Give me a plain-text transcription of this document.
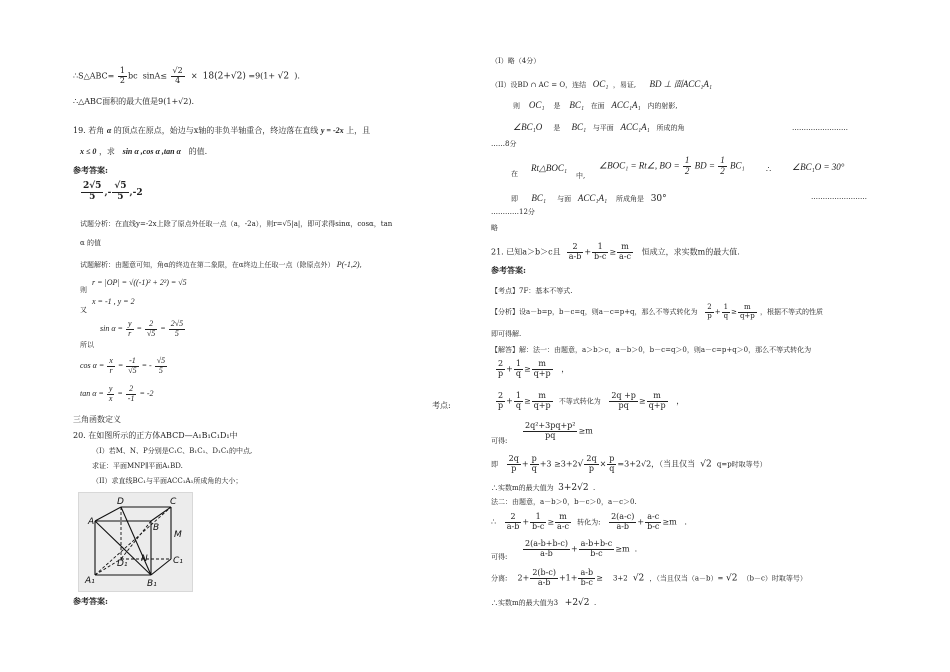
∴S△ABC= $\frac{1}{2}$ bc $\sin A\le \frac{√2}{4} \times 18(2+√2) =9(1+ √2$ ).
∴△ABC面积的最大值是9(1+√2).
19. 若角 α 的顶点在原点，始边与x轴的非负半轴重合，终边落在直线 y = -2x 上，且
x ≤ 0 ，求 sin α ,cos α ,tan α 的值.
参考答案:
$\frac{2√5}{5}$ ,- $\frac{√5}{5} ,-2$
试题分析：在直线y=-2x上除了原点外任取一点（a，-2a），则r=√5|a|，即可求得sinα，cosα，tan
α 的值
试题解析：由题意可知，角α的终边在第二象限，在α终边上任取一点（除原点外） P(-1,2),
则
r = |OP| = √((-1)² + 2²) = √5
又
x = -1 , y = 2
$\sin \alpha = \frac{y}{r} = \frac{2}{√5} = \frac{2√5}{5}$
所以
$\cos \alpha = \frac{x}{r} = \frac{-1}{√5}$ = - $\frac{√5}{5}$
$\tan \alpha = \frac{y}{x} = \frac{2}{-1} = -2$
考点:
三角函数定义
20. 在如图所示的正方体ABCD—A₁B₁C₁D₁中
（I）若M、N、P分别是C₁C、B₁C₁、D₁C₁的中点,
求证：平面MNP∥平面A₁BD.
（II）求直线BC₁与平面ACC₁A₁所成角的大小；
D	C
A
B
M
D₁ N	C₁
A₁	B₁
参考答案:
（I）略（4分）
（II）设BD ∩ AC = O，连结 OC₁ ，易证, BD ⊥ 面ACC₁A₁
则 OC₁ 是 BC₁ 在面 ACC₁A₁ 内的射影,
∠BC₁O 是 BC₁ 与平面 ACC₁A₁ 所成的角	……………………
……8分
在
Rt△BOC₁
中,
∠BOC₁ = Rt∠, BO = $\frac{1}{2}$ BD = $\frac{1}{2} BC_1$	∴ ∠BC₁O = 30°
即 BC₁ 与面 ACC₁A₁ 所成角是 30°	……………………
…………12分
略
21. 已知a＞b＞c且 $\frac{2}{a-b} + \frac{1}{b-c} \ge \frac{m}{a-c}$ 恒成立，求实数m的最大值.
参考答案:
【考点】7F：基本不等式.
【分析】设a－b=p，b－c=q，则a－c=p+q，那么不等式转化为 $\frac{2}{p} + \frac{1}{q} \ge \frac{m}{q+p}$ ，根据不等式的性质
即可得解.
【解答】解：法一：由题意，a＞b＞c，a－b＞0，b－c=q＞0，则a－c=p+q＞0，那么不等式转化为
$\frac{2}{p} + \frac{1}{q} \ge \frac{m}{q+p}$ ，
$\frac{2}{p} + \frac{1}{q} \ge \frac{m}{q+p}$ 不等式转化为 $\frac{2q +p}{pq} \ge \frac{m}{q+p}$ ，
可得:
$\frac{\text{2q²+3pq+p²}}{pq} \ge m$
即 $\frac{2q}{p} + \frac{p}{q} +3 \ge 3+2√ \frac{2q}{p} \times \frac{p}{q} =3+2√2$，（当且仅当 √2 q=p时取等号）
∴实数m的最大值为 3+2√2 .
法二：由题意，a－b＞0，b－c＞0，a－c＞0.
∴ $\frac{2}{a-b} + \frac{1}{b-c} \ge \frac{m}{a-c}$ 转化为: $\frac{2(a-c)}{a-b} + \frac{a-c}{b-c} \ge m$ .
可得: $\frac{2(a-b+b-c)}{a-b} + \frac{a-b+b-c}{b-c} \ge m$ .
分离: $2+ \frac{2(b-c)}{a-b} +1+ \frac{a-b}{b-c} \ge 3+2$ √2 ，（当且仅当（a－b）= √2 （b－c）时取等号）
∴实数m的最大值为3 +2√2 .
